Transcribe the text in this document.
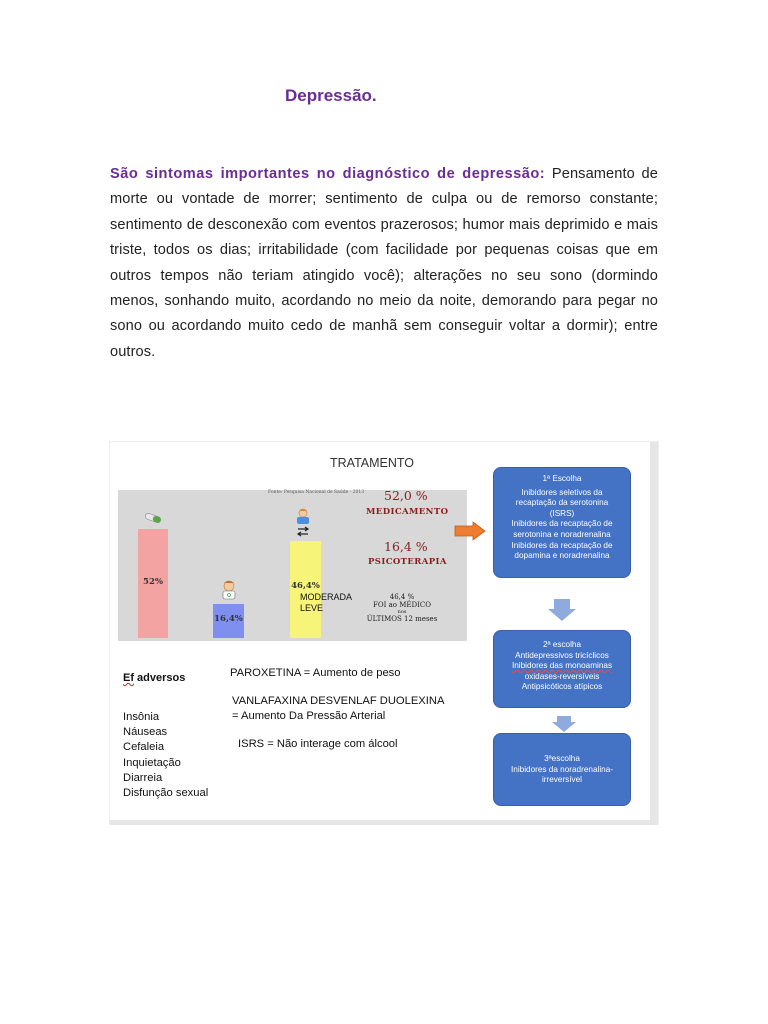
Depressão.
São sintomas importantes no diagnóstico de depressão: Pensamento de morte ou vontade de morrer; sentimento de culpa ou de remorso constante; sentimento de desconexão com eventos prazerosos; humor mais deprimido e mais triste, todos os dias; irritabilidade (com facilidade por pequenas coisas que em outros tempos não teriam atingido você); alterações no seu sono (dormindo menos, sonhando muito, acordando no meio da noite, demorando para pegar no sono ou acordando muito cedo de manhã sem conseguir voltar a dormir); entre outros.
TRATAMENTO
Fonte: Pesquisa Nacional de Saúde - 2013
52%
16,4%
46,4%
MODERADA
LEVE
52,0 %
MEDICAMENTO
16,4 %
PSICOTERAPIA
46,4 %
FOI ao MÉDICO
nos
ÚLTIMOS 12 meses
1ª Escolha
Inibidores seletivos da
recaptação da serotonina
(ISRS)
Inibidores da recaptação de
serotonina e noradrenalina
Inibidores da recaptação de
dopamina e noradrenalina
2ª escolha
Antidepressivos tricíclicos
Inibidores das monoaminas
oxidases-reversíveis
Antipsicóticos atípicos
3ªescolha
Inibidores da noradrenalina-
irreversível
Ef adversos
Insônia
Náuseas
Cefaleia
Inquietação
Diarreia
Disfunção sexual
PAROXETINA = Aumento de peso
VANLAFAXINA DESVENLAF DUOLEXINA
= Aumento Da Pressão Arterial
ISRS = Não interage com álcool
